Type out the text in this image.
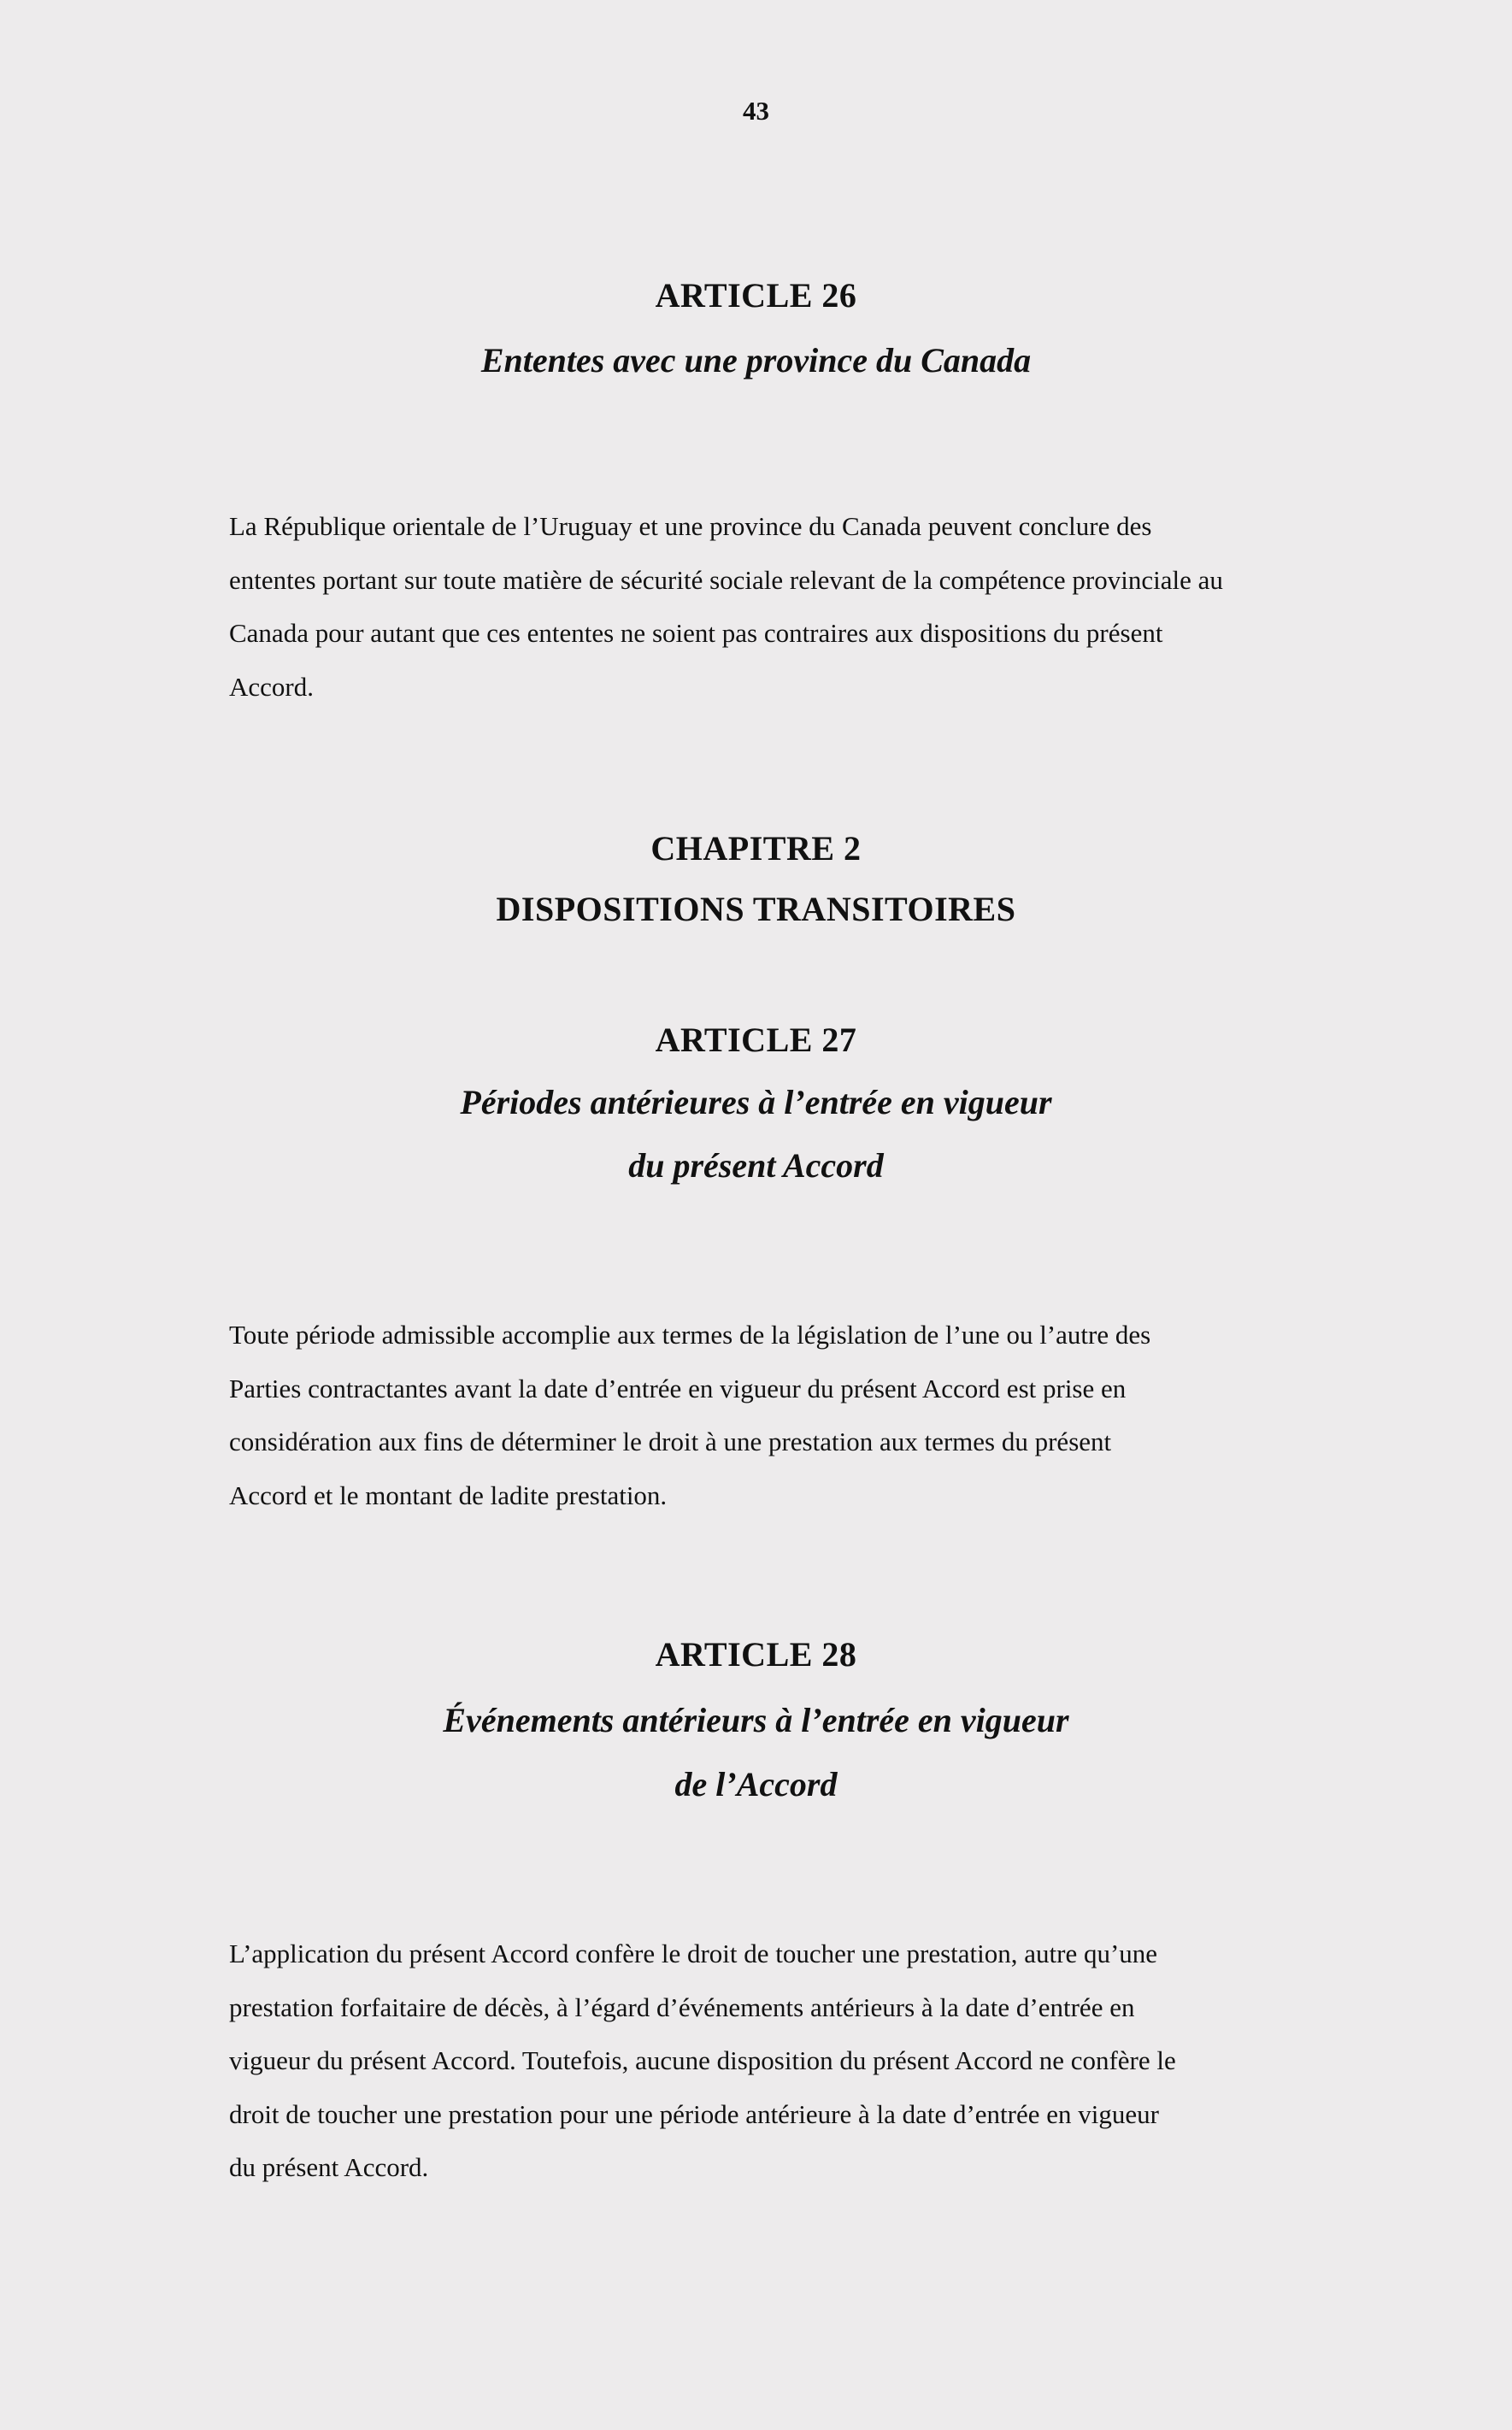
43
ARTICLE 26
Ententes avec une province du Canada
La République orientale de l’Uruguay et une province du Canada peuvent conclure des
ententes portant sur toute matière de sécurité sociale relevant de la compétence provinciale au
Canada pour autant que ces ententes ne soient pas contraires aux dispositions du présent
Accord.
CHAPITRE 2
DISPOSITIONS TRANSITOIRES
ARTICLE 27
Périodes antérieures à l’entrée en vigueur
du présent Accord
Toute période admissible accomplie aux termes de la législation de l’une ou l’autre des
Parties contractantes avant la date d’entrée en vigueur du présent Accord est prise en
considération aux fins de déterminer le droit à une prestation aux termes du présent
Accord et le montant de ladite prestation.
ARTICLE 28
Événements antérieurs à l’entrée en vigueur
de l’Accord
L’application du présent Accord confère le droit de toucher une prestation, autre qu’une
prestation forfaitaire de décès, à l’égard d’événements antérieurs à la date d’entrée en
vigueur du présent Accord. Toutefois, aucune disposition du présent Accord ne confère le
droit de toucher une prestation pour une période antérieure à la date d’entrée en vigueur
du présent Accord.
